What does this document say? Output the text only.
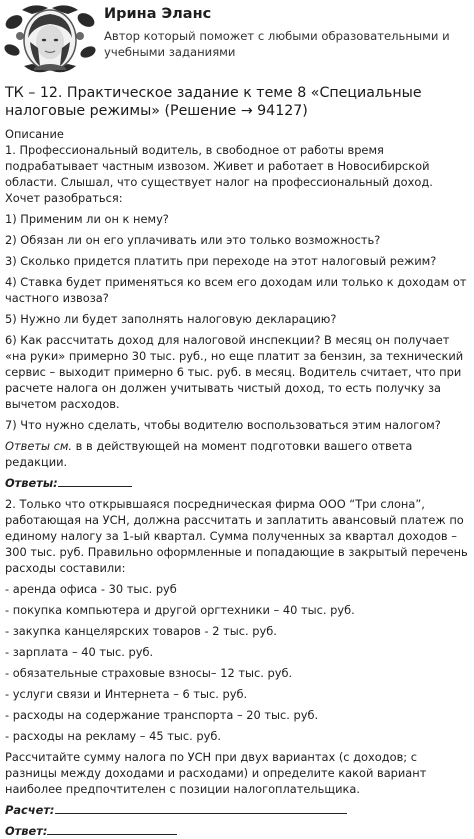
Ирина Эланс
Автор который поможет с любыми образовательными и учебными заданиями
ТК – 12. Практическое задание к теме 8 «Специальные налоговые режимы» (Решение → 94127)

Описание

1. Профессиональный водитель, в свободное от работы время подрабатывает частным извозом. Живет и работает в Новосибирской области. Слышал, что существует налог на профессиональный доход. Хочет разобраться:

1) Применим ли он к нему?

2) Обязан ли он его уплачивать или это только возможность?

3) Сколько придется платить при переходе на этот налоговый режим?

4) Ставка будет применяться ко всем его доходам или только к доходам от частного извоза?

5) Нужно ли будет заполнять налоговую декларацию?

6) Как рассчитать доход для налоговой инспекции? В месяц он получает «на руки» примерно 30 тыс. руб., но еще платит за бензин, за технический сервис – выходит примерно 6 тыс. руб. в месяц. Водитель считает, что при расчете налога он должен учитывать чистый доход, то есть получку за вычетом расходов.

7) Что нужно сделать, чтобы водителю воспользоваться этим налогом?

Ответы см. в в действующей на момент подготовки вашего ответа редакции.

Ответы:

2. Только что открывшаяся посредническая фирма ООО “Три слона”, работающая на УСН, должна рассчитать и заплатить авансовый платеж по единому налогу за 1-ый квартал. Сумма полученных за квартал доходов – 300 тыс. руб. Правильно оформленные и попадающие в закрытый перечень расходы составили:

- аренда офиса - 30 тыс. руб

- покупка компьютера и другой оргтехники – 40 тыс. руб.

- закупка канцелярских товаров - 2 тыс. руб.

- зарплата – 40 тыс. руб.

- обязательные страховые взносы– 12 тыс. руб.

- услуги связи и Интернета – 6 тыс. руб.

- расходы на содержание транспорта – 20 тыс. руб.

- расходы на рекламу – 45 тыс. руб.

Рассчитайте сумму налога по УСН при двух вариантах (с доходов; с разницы между доходами и расходами) и определите какой вариант наиболее предпочтителен с позиции налогоплательщика.

Расчет:

Ответ:
